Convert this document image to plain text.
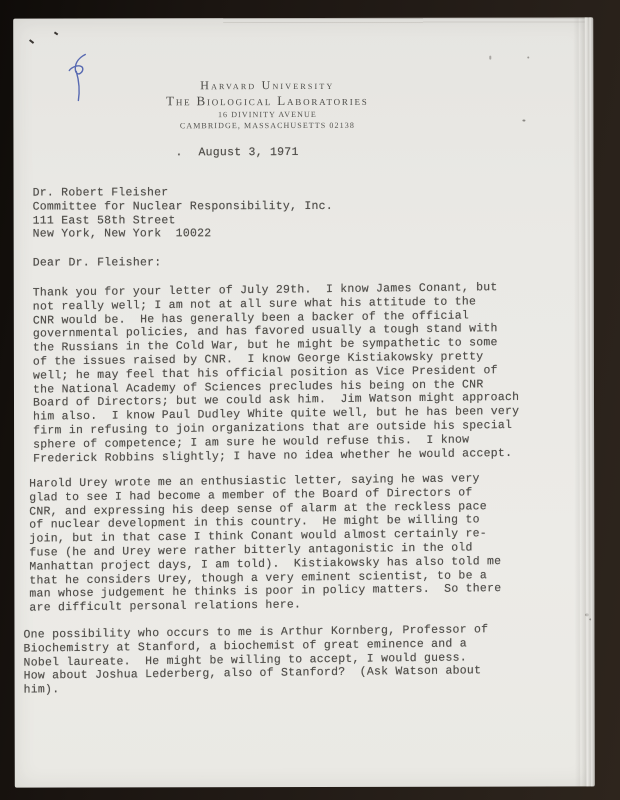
Harvard University
The Biological Laboratories
16 DIVINITY AVENUE
CAMBRIDGE, MASSACHUSETTS 02138
. August 3, 1971
Dr. Robert Fleisher
Committee for Nuclear Responsibility, Inc.
111 East 58th Street
New York, New York  10022
Dear Dr. Fleisher:
Thank you for your letter of July 29th.  I know James Conant, but
not really well; I am not at all sure what his attitude to the
CNR would be.  He has generally been a backer of the official
governmental policies, and has favored usually a tough stand with
the Russians in the Cold War, but he might be sympathetic to some
of the issues raised by CNR.  I know George Kistiakowsky pretty
well; he may feel that his official position as Vice President of
the National Academy of Sciences precludes his being on the CNR
Board of Directors; but we could ask him.  Jim Watson might approach
him also.  I know Paul Dudley White quite well, but he has been very
firm in refusing to join organizations that are outside his special
sphere of competence; I am sure he would refuse this.  I know
Frederick Robbins slightly; I have no idea whether he would accept.
Harold Urey wrote me an enthusiastic letter, saying he was very
glad to see I had become a member of the Board of Directors of
CNR, and expressing his deep sense of alarm at the reckless pace
of nuclear development in this country.  He might be willing to
join, but in that case I think Conant would almost certainly re-
fuse (he and Urey were rather bitterly antagonistic in the old
Manhattan project days, I am told).  Kistiakowsky has also told me
that he considers Urey, though a very eminent scientist, to be a
man whose judgement he thinks is poor in policy matters.  So there
are difficult personal relations here.
One possibility who occurs to me is Arthur Kornberg, Professor of
Biochemistry at Stanford, a biochemist of great eminence and a
Nobel laureate.  He might be willing to accept, I would guess.
How about Joshua Lederberg, also of Stanford?  (Ask Watson about
him).
